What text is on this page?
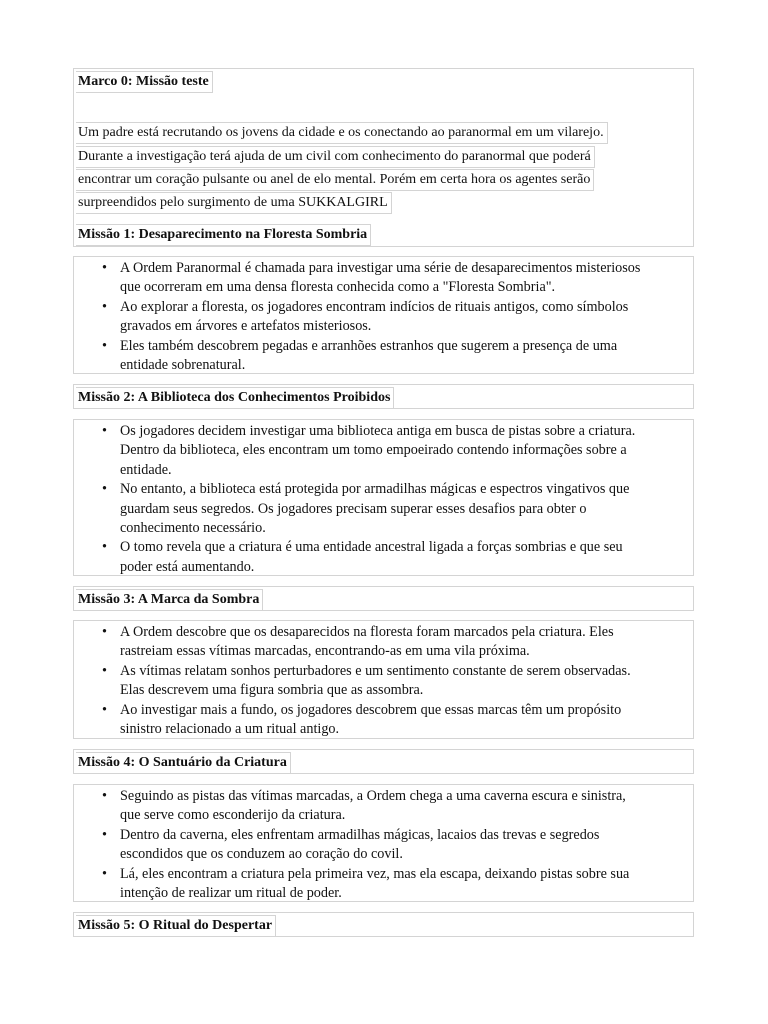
Marco 0: Missão teste
Um padre está recrutando os jovens da cidade e os conectando ao paranormal em um vilarejo.
Durante a investigação terá ajuda de um civil com conhecimento do paranormal que poderá
encontrar um coração pulsante ou anel de elo mental. Porém em certa hora os agentes serão
surpreendidos pelo surgimento de uma SUKKALGIRL
Missão 1: Desaparecimento na Floresta Sombria
• A Ordem Paranormal é chamada para investigar uma série de desaparecimentos misteriosos
que ocorreram em uma densa floresta conhecida como a "Floresta Sombria".
• Ao explorar a floresta, os jogadores encontram indícios de rituais antigos, como símbolos
gravados em árvores e artefatos misteriosos.
• Eles também descobrem pegadas e arranhões estranhos que sugerem a presença de uma
entidade sobrenatural.
Missão 2: A Biblioteca dos Conhecimentos Proibidos
• Os jogadores decidem investigar uma biblioteca antiga em busca de pistas sobre a criatura.
Dentro da biblioteca, eles encontram um tomo empoeirado contendo informações sobre a
entidade.
• No entanto, a biblioteca está protegida por armadilhas mágicas e espectros vingativos que
guardam seus segredos. Os jogadores precisam superar esses desafios para obter o
conhecimento necessário.
• O tomo revela que a criatura é uma entidade ancestral ligada a forças sombrias e que seu
poder está aumentando.
Missão 3: A Marca da Sombra
• A Ordem descobre que os desaparecidos na floresta foram marcados pela criatura. Eles
rastreiam essas vítimas marcadas, encontrando-as em uma vila próxima.
• As vítimas relatam sonhos perturbadores e um sentimento constante de serem observadas.
Elas descrevem uma figura sombria que as assombra.
• Ao investigar mais a fundo, os jogadores descobrem que essas marcas têm um propósito
sinistro relacionado a um ritual antigo.
Missão 4: O Santuário da Criatura
• Seguindo as pistas das vítimas marcadas, a Ordem chega a uma caverna escura e sinistra,
que serve como esconderijo da criatura.
• Dentro da caverna, eles enfrentam armadilhas mágicas, lacaios das trevas e segredos
escondidos que os conduzem ao coração do covil.
• Lá, eles encontram a criatura pela primeira vez, mas ela escapa, deixando pistas sobre sua
intenção de realizar um ritual de poder.
Missão 5: O Ritual do Despertar
